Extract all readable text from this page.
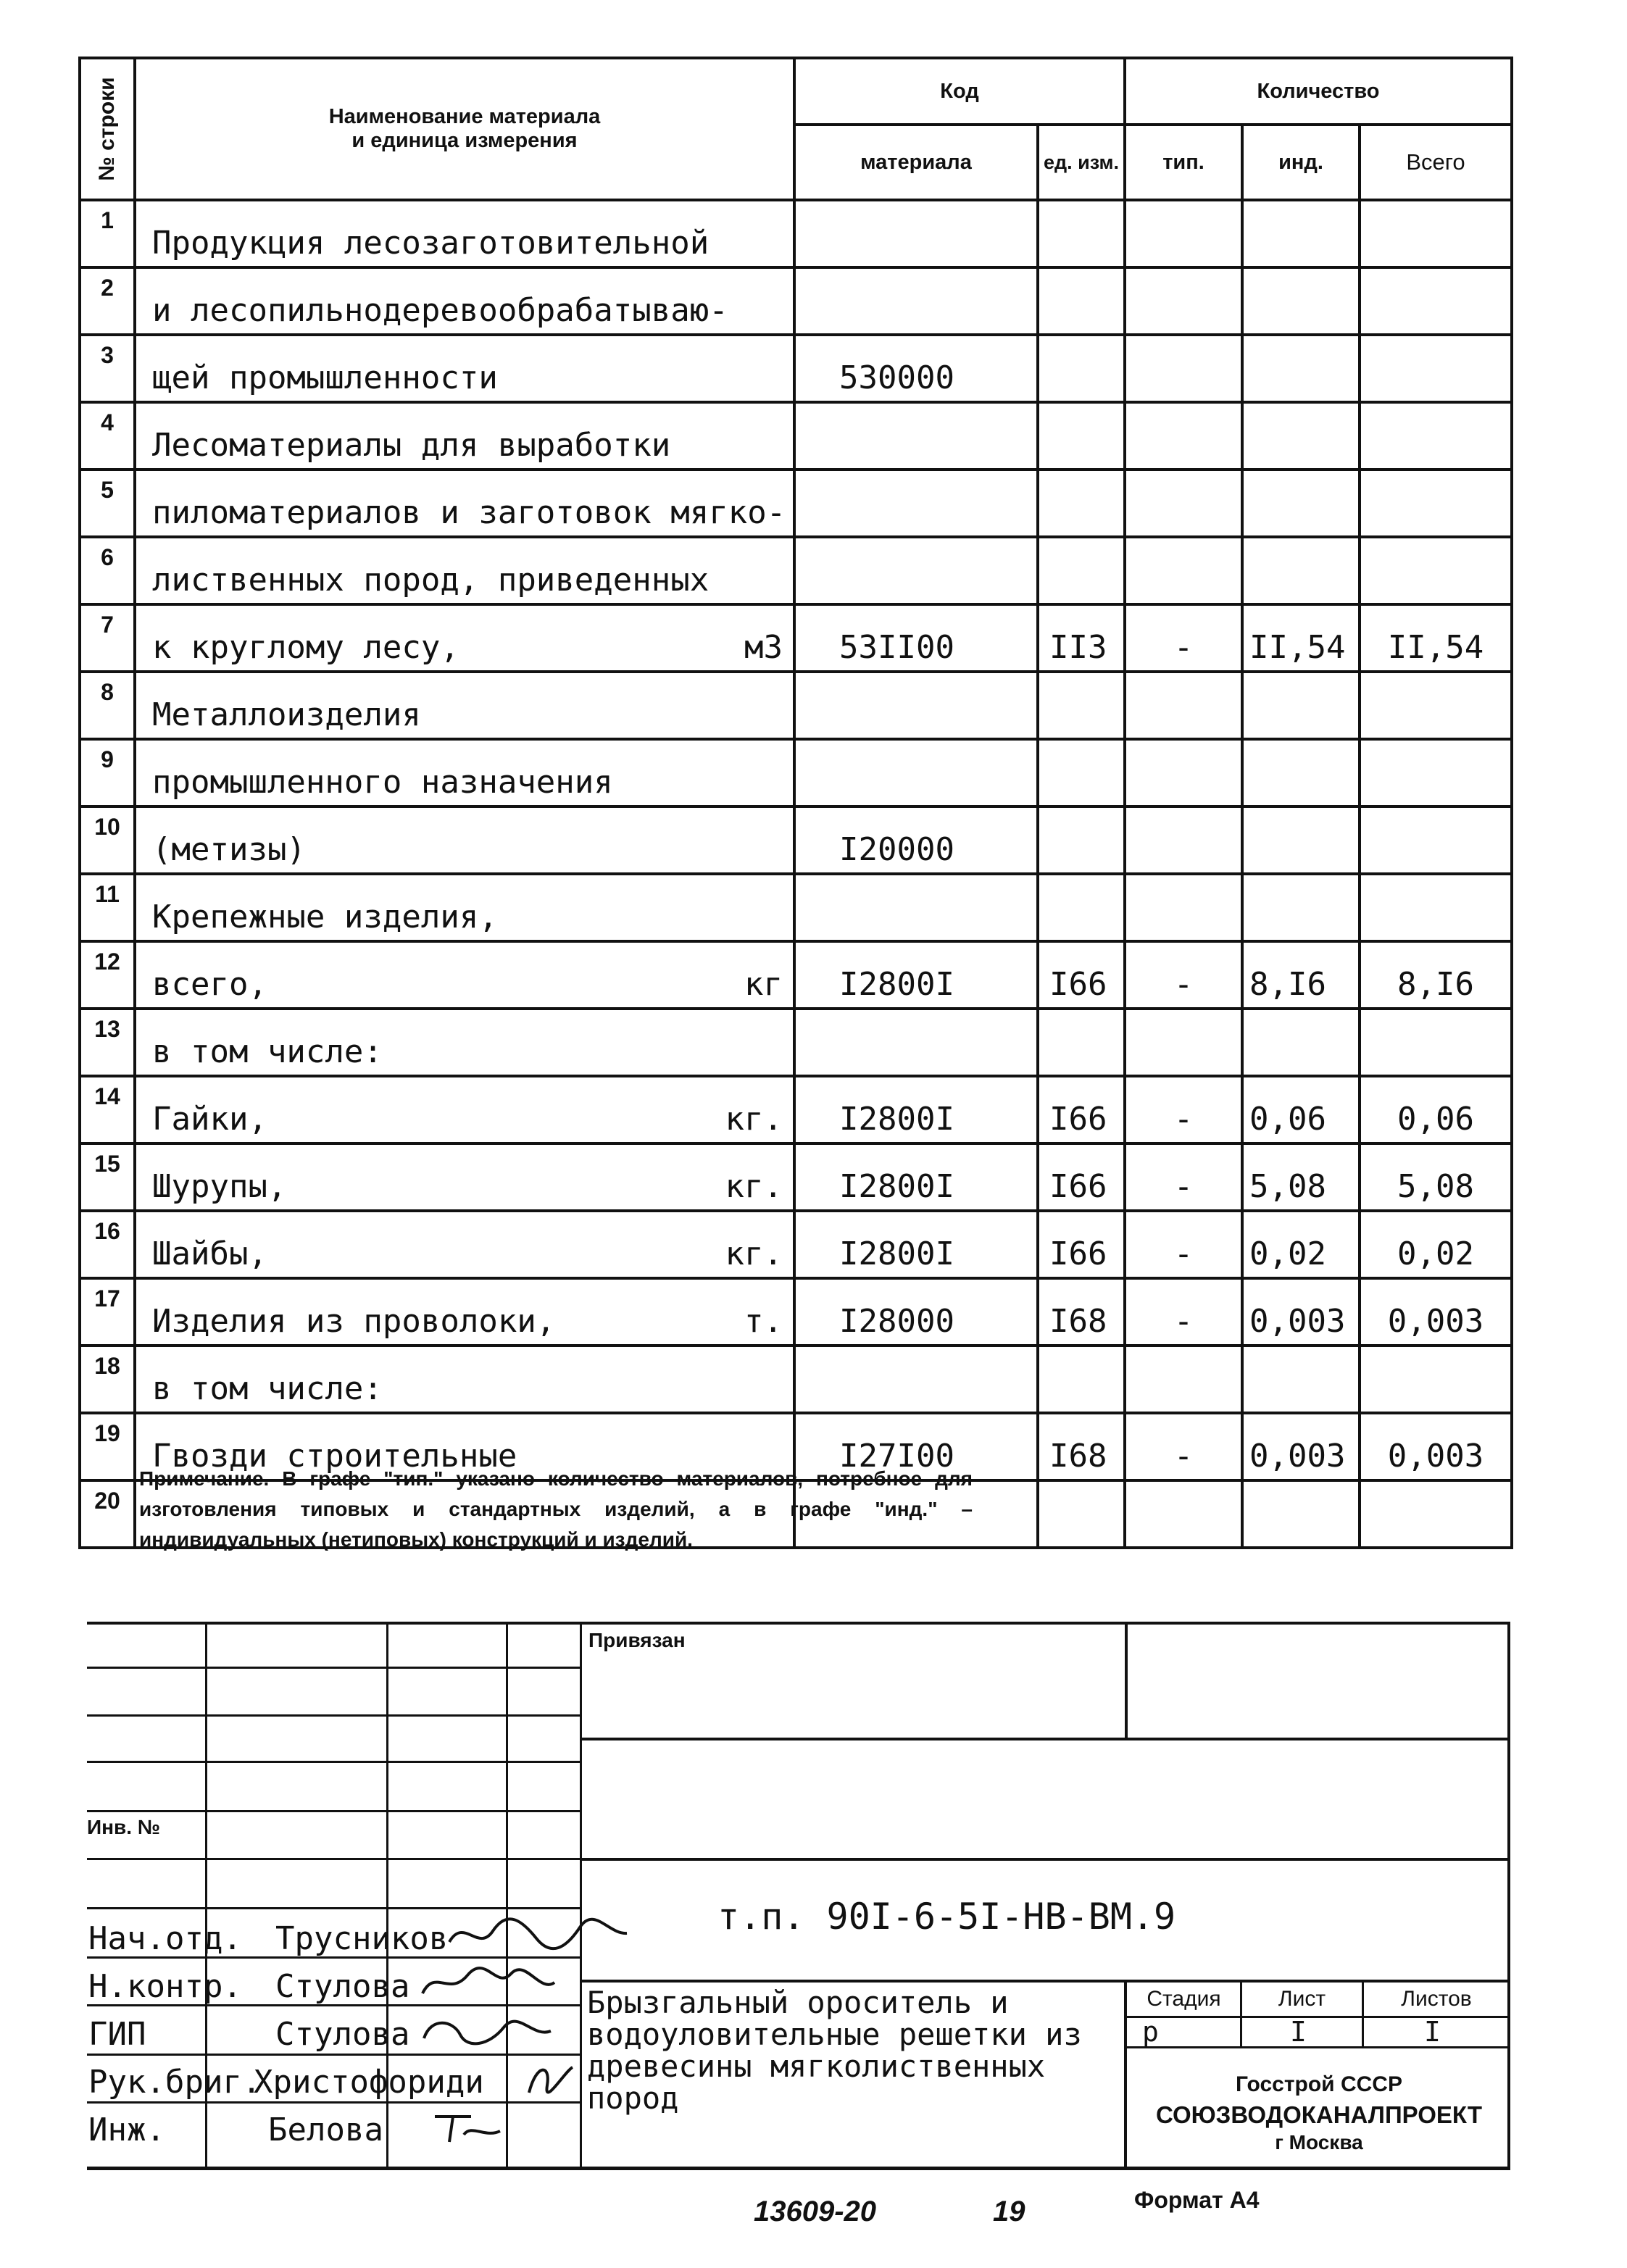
№ строки	Наименование материала
и единица измерения	Код		Количество		
		материала	ед. изм.	тип.	инд.	Всего
1	Продукция лесозаготовительной

2	и лесопильнодеревообрабатываю-

3	щей промышленности	530000				
4	Лесоматериалы для выработки

5	пиломатериалов и заготовок мягко-

6	лиственных пород, приведенных

7	к круглому лесу, м3	53II00	II3	-	II,54	II,54
8	Металлоизделия

9	промышленного назначения

10	(метизы)	I20000				
11	Крепежные изделия,

12	всего, кг	I2800I	I66	-	8,I6	8,I6
13	в том числе:

14	Гайки, кг.	I2800I	I66	-	0,06	0,06
15	Шурупы, кг.	I2800I	I66	-	5,08	5,08
16	Шайбы, кг.	I2800I	I66	-	0,02	0,02
17	Изделия из проволоки, т.	I28000	I68	-	0,003	0,003
18	в том числе:

19	Гвозди строительные	I27I00	I68	-	0,003	0,003
20	

Примечание. В графе "тип." указано количество материалов, потребное для изготовления типовых и стандартных изделий, а в графе "инд." – индивидуальных (нетиповых) конструкций и изделий.
Привязан
Инв. №
т.п. 90I-6-5I-НВ-ВМ.9
Нач.отд. Трусников
Н.контр. Стулова
ГИП	Стулова
Рук.бриг.
Христофориди
Инж.	Белова
Брызгальный ороситель и водоуловительные решетки из древесины мягколиственных пород
Стадия	Лист	Листов
р	I	I
Госстрой СССР
СОЮЗВОДОКАНАЛПРОЕКТ
г Москва
13609-20	19	Формат А4
